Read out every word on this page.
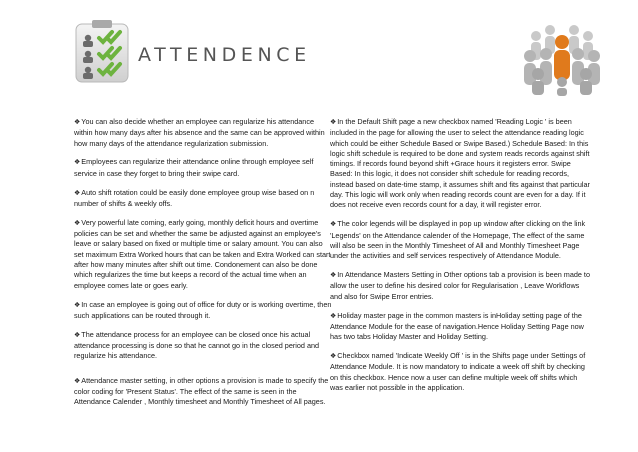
ATTENDENCE

❖You can also decide whether an employee can regularize his attendance within how many days after his absence and the same can be approved within how many days of the attendance regularization submission.

❖Employees can regularize their attendance online through employee self service in case they forget to bring their swipe card.

❖Auto shift rotation could be easily done employee group wise based on n number of shifts & weekly offs.

❖Very powerful late coming, early going, monthly deficit hours and overtime policies can be set and whether the same be adjusted against an employee's leave or salary based on fixed or multiple time or salary amount. You can also set maximum Extra Worked hours that can be taken and Extra Worked can start after how many minutes after shift out time. Condonement can also be done which regularizes the time but keeps a record of the actual time when an employee comes late or goes early.

❖In case an employee is going out of office for duty or is working overtime, then such applications can be routed through it.

❖The attendance process for an employee can be closed once his actual attendance processing is done so that he cannot go in the closed period and regularize his attendance.

❖Attendance master setting, in other options a provision is made to specify the color coding for 'Present Status'. The effect of the same is seen in the Attendance Calender , Monthly timesheet and Monthly Timesheet of All pages.

❖In the Default Shift page a new checkbox named 'Reading Logic ' is been included in the page for allowing the user to select the attendance reading logic which could be either Schedule Based or Swipe Based.) Schedule Based: In this logic shift schedule is required to be done and system reads records against shift timings. If records found beyond shift +Grace hours it registers error. Swipe Based: In this logic, it does not consider shift schedule for reading records, instead based on date-time stamp, it assumes shift and fits against that particular day. This logic will work only when reading records count are even for a day. If it does not receive even records count for a day, it will register error.

❖The color legends will be displayed in pop up window after clicking on the link 'Legends' on the Attendance calender of the Homepage, The effect of the same will also be seen in the Monthly Timesheet of All and Monthly Timesheet Page under the activities and self services respectively of Attendance Module.

❖In Attendance Masters Setting in Other options tab a provision is been made to allow the user to define his desired color for Regularisation , Leave Workflows and also for Swipe Error entries.

❖Holiday master page in the common masters is inHoliday setting page of the Attendance Module for the ease of navigation.Hence Holiday Setting Page now has two tabs Holiday Master and Holiday Setting.

❖Checkbox named 'Indicate Weekly Off ' is in the Shifts page under Settings of Attendance Module. It is now mandatory to indicate a week off shift by checking on this checkbox. Hence now a user can define multiple week off shifts which was earlier not possible in the application.
